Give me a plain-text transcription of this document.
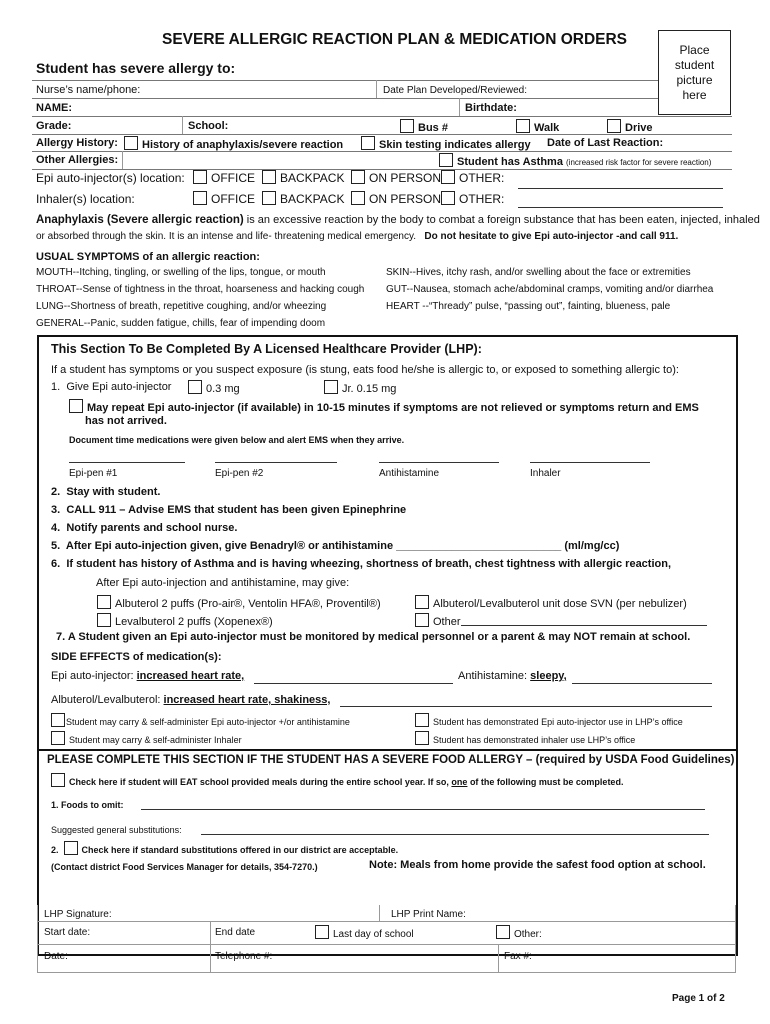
SEVERE ALLERGIC REACTION PLAN & MEDICATION ORDERS
Place
student
picture
here
Student has severe allergy to:
Nurse’s name/phone:	Date Plan Developed/Reviewed:
NAME:	Birthdate:
Grade:	School:	Bus #	Walk	Drive
Allergy History:	History of anaphylaxis/severe reaction	Skin testing indicates allergy Date of Last Reaction:
Other Allergies:	Student has Asthma (increased risk factor for severe reaction)
Epi auto-injector(s) location:	OFFICE	BACKPACK	ON PERSON	OTHER:
Inhaler(s) location:	OFFICE	BACKPACK	ON PERSON	OTHER:
Anaphylaxis (Severe allergic reaction) is an excessive reaction by the body to combat a foreign substance that has been eaten, injected, inhaled
or absorbed through the skin. It is an intense and life- threatening medical emergency. Do not hesitate to give Epi auto-injector -and call 911.
USUAL SYMPTOMS of an allergic reaction:
MOUTH--Itching, tingling, or swelling of the lips, tongue, or mouth
THROAT--Sense of tightness in the throat, hoarseness and hacking cough
LUNG--Shortness of breath, repetitive coughing, and/or wheezing
GENERAL--Panic, sudden fatigue, chills, fear of impending doom
SKIN--Hives, itchy rash, and/or swelling about the face or extremities
GUT--Nausea, stomach ache/abdominal cramps, vomiting and/or diarrhea
HEART --“Thready” pulse, “passing out”, fainting, blueness, pale
This Section To Be Completed By A Licensed Healthcare Provider (LHP):
If a student has symptoms or you suspect exposure (is stung, eats food he/she is allergic to, or exposed to something allergic to):
1. Give Epi auto-injector	0.3 mg	Jr. 0.15 mg
May repeat Epi auto-injector (if available) in 10-15 minutes if symptoms are not relieved or symptoms return and EMS
has not arrived.
Document time medications were given below and alert EMS when they arrive.
Epi-pen #1	Epi-pen #2	Antihistamine	Inhaler
2. Stay with student.
3. CALL 911 – Advise EMS that student has been given Epinephrine
4. Notify parents and school nurse.
5. After Epi auto-injection given, give Benadryl® or antihistamine ___________________________ (ml/mg/cc)
6. If student has history of Asthma and is having wheezing, shortness of breath, chest tightness with allergic reaction,
After Epi auto-injection and antihistamine, may give:
Albuterol 2 puffs (Pro-air®, Ventolin HFA®, Proventil®)	Albuterol/Levalbuterol unit dose SVN (per nebulizer)
Levalbuterol 2 puffs (Xopenex®)	Other
7. A Student given an Epi auto-injector must be monitored by medical personnel or a parent & may NOT remain at school.
SIDE EFFECTS of medication(s):
Epi auto-injector: increased heart rate,	Antihistamine: sleepy,
Albuterol/Levalbuterol: increased heart rate, shakiness,
Student may carry & self-administer Epi auto-injector +/or antihistamine	Student has demonstrated Epi auto-injector use in LHP’s office
Student may carry & self-administer Inhaler	Student has demonstrated inhaler use LHP’s office
PLEASE COMPLETE THIS SECTION IF THE STUDENT HAS A SEVERE FOOD ALLERGY – (required by USDA Food Guidelines)
Check here if student will EAT school provided meals during the entire school year. If so, one of the following must be completed.
1. Foods to omit:
Suggested general substitutions:
2.	Check here if standard substitutions offered in our district are acceptable.
(Contact district Food Services Manager for details, 354-7270.)	Note: Meals from home provide the safest food option at school.
LHP Signature:	LHP Print Name:
Start date:	End date	Last day of school	Other:
Date:	Telephone #:	Fax #:
Page 1 of 2
